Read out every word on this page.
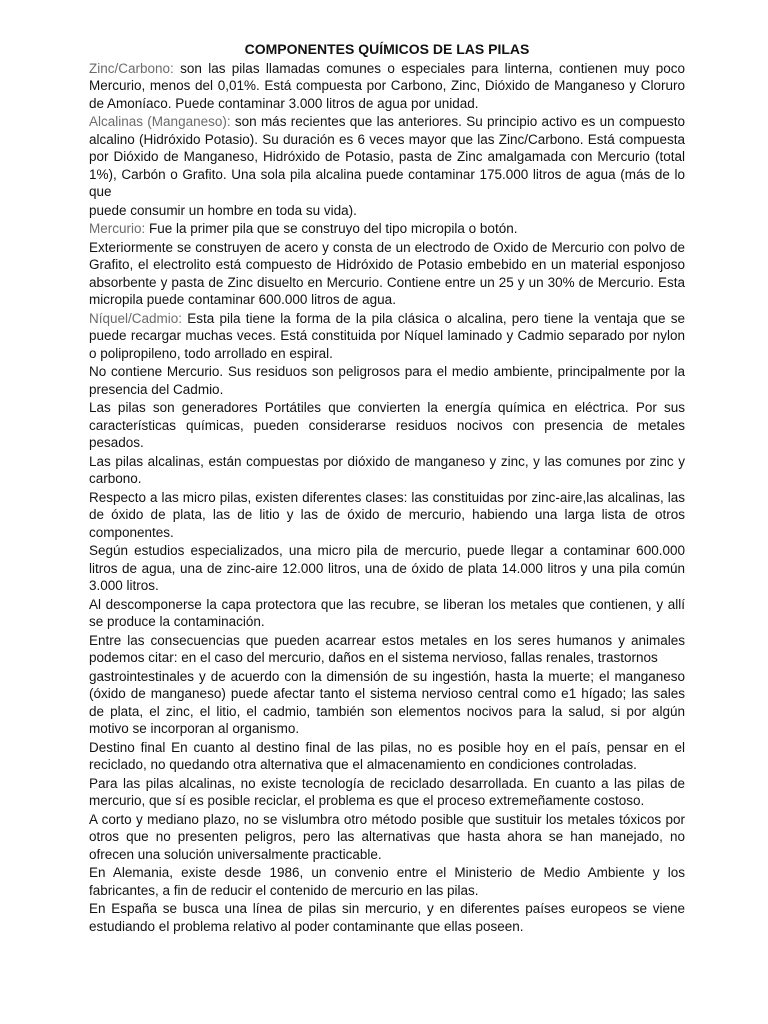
COMPONENTES QUÍMICOS DE LAS PILAS
Zinc/Carbono: son las pilas llamadas comunes o especiales para linterna, contienen muy poco Mercurio, menos del 0,01%. Está compuesta por Carbono, Zinc, Dióxido de Manganeso y Cloruro de Amoníaco. Puede contaminar 3.000 litros de agua por unidad.
Alcalinas (Manganeso): son más recientes que las anteriores. Su principio activo es un compuesto alcalino (Hidróxido Potasio). Su duración es 6 veces mayor que las Zinc/Carbono. Está compuesta por Dióxido de Manganeso, Hidróxido de Potasio, pasta de Zinc amalgamada con Mercurio (total 1%), Carbón o Grafito. Una sola pila alcalina puede contaminar 175.000 litros de agua (más de lo que
puede consumir un hombre en toda su vida).
Mercurio: Fue la primer pila que se construyo del tipo micropila o botón.
Exteriormente se construyen de acero y consta de un electrodo de Oxido de Mercurio con polvo de Grafito, el electrolito está compuesto de Hidróxido de Potasio embebido en un material esponjoso absorbente y pasta de Zinc disuelto en Mercurio. Contiene entre un 25 y un 30% de Mercurio. Esta micropila puede contaminar 600.000 litros de agua.
Níquel/Cadmio: Esta pila tiene la forma de la pila clásica o alcalina, pero tiene la ventaja que se puede recargar muchas veces. Está constituida por Níquel laminado y Cadmio separado por nylon o polipropileno, todo arrollado en espiral.
No contiene Mercurio. Sus residuos son peligrosos para el medio ambiente, principalmente por la presencia del Cadmio.
Las pilas son generadores Portátiles que convierten la energía química en eléctrica. Por sus características químicas, pueden considerarse residuos nocivos con presencia de metales pesados.
Las pilas alcalinas, están compuestas por dióxido de manganeso y zinc, y las comunes por zinc y carbono.
Respecto a las micro pilas, existen diferentes clases: las constituidas por zinc-aire,las alcalinas, las de óxido de plata, las de litio y las de óxido de mercurio, habiendo una larga lista de otros componentes.
Según estudios especializados, una micro pila de mercurio, puede llegar a contaminar 600.000 litros de agua, una de zinc-aire 12.000 litros, una de óxido de plata 14.000 litros y una pila común 3.000 litros.
Al descomponerse la capa protectora que las recubre, se liberan los metales que contienen, y allí se produce la contaminación.
Entre las consecuencias que pueden acarrear estos metales en los seres humanos y animales podemos citar: en el caso del mercurio, daños en el sistema nervioso, fallas renales, trastornos
gastrointestinales y de acuerdo con la dimensión de su ingestión, hasta la muerte; el manganeso (óxido de manganeso) puede afectar tanto el sistema nervioso central como e1 hígado; las sales de plata, el zinc, el litio, el cadmio, también son elementos nocivos para la salud, si por algún motivo se incorporan al organismo.
Destino final En cuanto al destino final de las pilas, no es posible hoy en el país, pensar en el reciclado, no quedando otra alternativa que el almacenamiento en condiciones controladas.
Para las pilas alcalinas, no existe tecnología de reciclado desarrollada. En cuanto a las pilas de mercurio, que sí es posible reciclar, el problema es que el proceso extremeñamente costoso.
A corto y mediano plazo, no se vislumbra otro método posible que sustituir los metales tóxicos por otros que no presenten peligros, pero las alternativas que hasta ahora se han manejado, no ofrecen una solución universalmente practicable.
En Alemania, existe desde 1986, un convenio entre el Ministerio de Medio Ambiente y los fabricantes, a fin de reducir el contenido de mercurio en las pilas.
En España se busca una línea de pilas sin mercurio, y en diferentes países europeos se viene estudiando el problema relativo al poder contaminante que ellas poseen.
